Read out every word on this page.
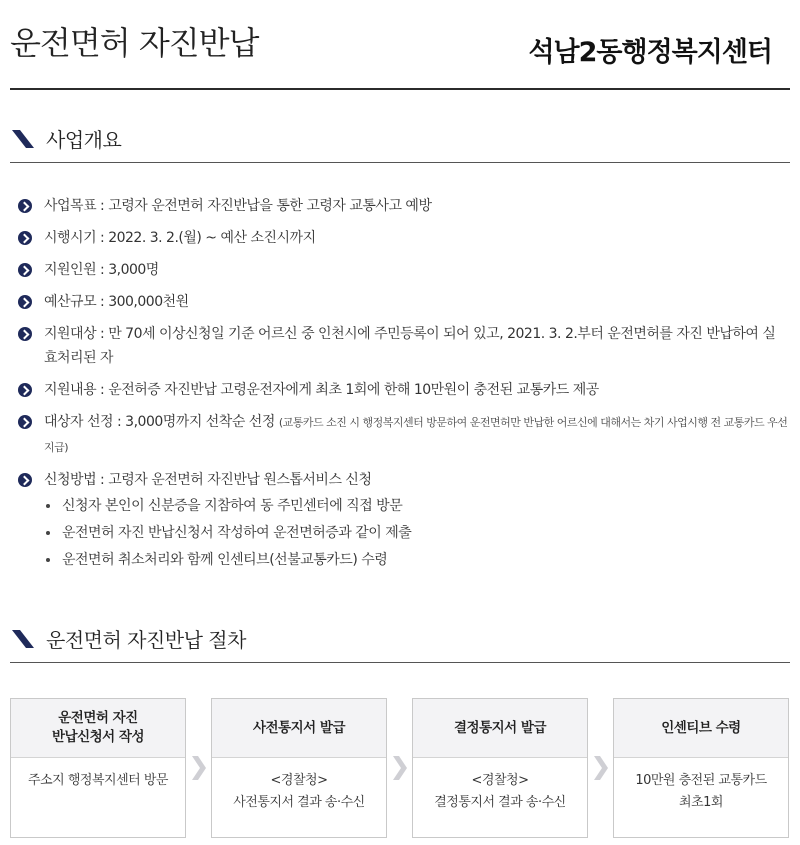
운전면허 자진반납	석남2동행정복지센터
사업개요
사업목표 : 고령자 운전면허 자진반납을 통한 고령자 교통사고 예방
시행시기 : 2022. 3. 2.(월) ~ 예산 소진시까지
지원인원 : 3,000명
예산규모 : 300,000천원
지원대상 : 만 70세 이상신청일 기준 어르신 중 인천시에 주민등록이 되어 있고, 2021. 3. 2.부터 운전면허를 자진 반납하여 실효처리된 자
지원내용 : 운전허증 자진반납 고령운전자에게 최초 1회에 한해 10만원이 충전된 교통카드 제공
대상자 선정 : 3,000명까지 선착순 선정 (교통카드 소진 시 행정복지센터 방문하여 운전면허만 반납한 어르신에 대해서는 차기 사업시행 전 교통카드 우선 지급)
신청방법 : 고령자 운전면허 자진반납 원스톱서비스 신청
신청자 본인이 신분증을 지참하여 동 주민센터에 직접 방문
운전면허 자진 반납신청서 작성하여 운전면허증과 같이 제출
운전면허 취소처리와 함께 인센티브(선불교통카드) 수령
운전면허 자진반납 절차
운전면허 자진
반납신청서 작성
주소지 행정복지센터 방문
사전통지서 발급
<경찰청>
사전통지서 결과 송·수신
결정통지서 발급
<경찰청>
결정통지서 결과 송·수신
인센티브 수령
10만원 충전된 교통카드
최초1회
